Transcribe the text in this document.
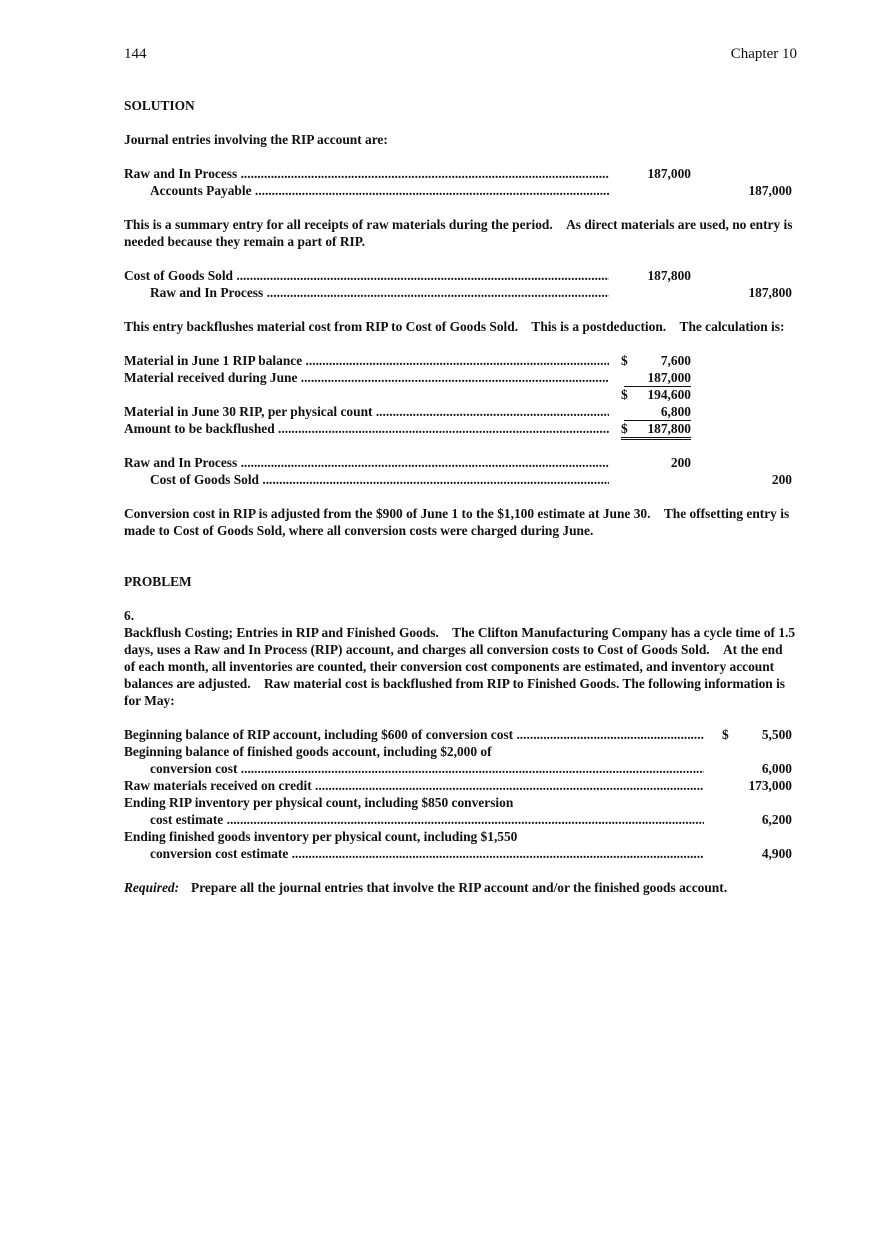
144	Chapter 10
SOLUTION
Journal entries involving the RIP account are:
Raw and In Process .....	187,000
Accounts Payable .....	187,000

This is a summary entry for all receipts of raw materials during the period. As direct materials are used, no entry is needed because they remain a part of RIP.

Cost of Goods Sold .....	187,800
Raw and In Process .....	187,800

This entry backflushes material cost from RIP to Cost of Goods Sold. This is a postdeduction. The calculation is:

Material in June 1 RIP balance .....	$	7,600
Material received during June .....	187,000
$	194,600
Material in June 30 RIP, per physical count .....	6,800
Amount to be backflushed .....	$	187,800
Raw and In Process .....	200
Cost of Goods Sold .....	200

Conversion cost in RIP is adjusted from the $900 of June 1 to the $1,100 estimate at June 30. The offsetting entry is made to Cost of Goods Sold, where all conversion costs were charged during June.

PROBLEM
6.

Backflush Costing; Entries in RIP and Finished Goods. The Clifton Manufacturing Company has a cycle time of 1.5 days, uses a Raw and In Process (RIP) account, and charges all conversion costs to Cost of Goods Sold. At the end of each month, all inventories are counted, their conversion cost components are estimated, and inventory account balances are adjusted. Raw material cost is backflushed from RIP to Finished Goods. The following information is for May:

Beginning balance of RIP account, including $600 of conversion cost .....	$	5,500
Beginning balance of finished goods account, including $2,000 of
conversion cost .....	6,000
Raw materials received on credit .....	173,000
Ending RIP inventory per physical count, including $850 conversion
cost estimate .....	6,200
Ending finished goods inventory per physical count, including $1,550
conversion cost estimate .....	4,900

Required: Prepare all the journal entries that involve the RIP account and/or the finished goods account.
